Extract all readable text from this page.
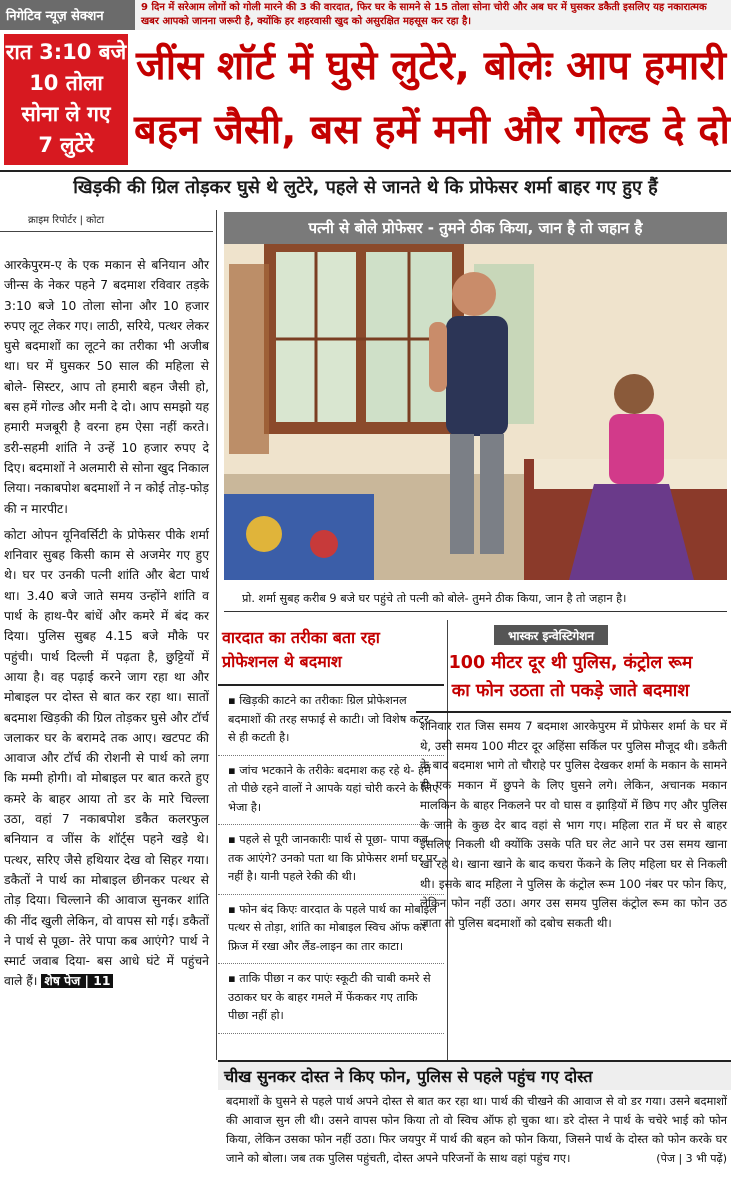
निगेटिव न्यूज़ सेक्शन
9 दिन में सरेआम लोगों को गोली मारने की 3 की वारदात, फिर घर के सामने से 15 तोला सोना चोरी और अब घर में घुसकर डकैती इसलिए यह नकारात्मक खबर आपको जानना जरूरी है, क्योंकि हर शहरवासी खुद को असुरक्षित महसूस कर रहा है।
रात 3:10 बजे
10 तोला
सोना ले गए
7 लुटेरे
जींस शॉर्ट में घुसे लुटेरे, बोलेः आप हमारी
बहन जैसी, बस हमें मनी और गोल्ड दे दो
खिड़की की ग्रिल तोड़कर घुसे थे लुटेरे, पहले से जानते थे कि प्रोफेसर शर्मा बाहर गए हुए हैं
क्राइम रिपोर्टर | कोटा

आरकेपुरम-ए के एक मकान से बनियान और जीन्स के नेकर पहने 7 बदमाश रविवार तड़के 3:10 बजे 10 तोला सोना और 10 हजार रुपए लूट लेकर गए। लाठी, सरिये, पत्थर लेकर घुसे बदमाशों का लूटने का तरीका भी अजीब था। घर में घुसकर 50 साल की महिला से बोले- सिस्टर, आप तो हमारी बहन जैसी हो, बस हमें गोल्ड और मनी दे दो। आप समझो यह हमारी मजबूरी है वरना हम ऐसा नहीं करते। डरी-सहमी शांति ने उन्हें 10 हजार रुपए दे दिए। बदमाशों ने अलमारी से सोना खुद निकाल लिया। नकाबपोश बदमाशों ने न कोई तोड़-फोड़ की न मारपीट।

कोटा ओपन यूनिवर्सिटी के प्रोफेसर पीके शर्मा शनिवार सुबह किसी काम से अजमेर गए हुए थे। घर पर उनकी पत्नी शांति और बेटा पार्थ था। 3.40 बजे जाते समय उन्होंने शांति व पार्थ के हाथ-पैर बांधें और कमरे में बंद कर दिया। पुलिस सुबह 4.15 बजे मौके पर पहुंची। पार्थ दिल्ली में पढ़ता है, छुट्टियों में आया है। वह पढ़ाई करने जाग रहा था और मोबाइल पर दोस्त से बात कर रहा था। सातों बदमाश खिड़की की ग्रिल तोड़कर घुसे और टॉर्च जलाकर घर के बरामदे तक आए। खटपट की आवाज और टॉर्च की रोशनी से पार्थ को लगा कि मम्मी होगी। वो मोबाइल पर बात करते हुए कमरे के बाहर आया तो डर के मारे चिल्ला उठा, वहां 7 नकाबपोश डकैत कलरफुल बनियान व जींस के शॉर्ट्स पहने खड़े थे। पत्थर, सरिए जैसे हथियार देख वो सिहर गया। डकैतों ने पार्थ का मोबाइल छीनकर पत्थर से तोड़ दिया। चिल्लाने की आवाज सुनकर शांति की नींद खुली लेकिन, वो वापस सो गई। डकैतों ने पार्थ से पूछा- तेरे पापा कब आएंगे? पार्थ ने स्मार्ट जवाब दिया- बस आधे घंटे में पहुंचने वाले हैं। शेष पेज | 11

पत्नी से बोले प्रोफेसर - तुमने ठीक किया, जान है तो जहान है
प्रो. शर्मा सुबह करीब 9 बजे घर पहुंचे तो पत्नी को बोले- तुमने ठीक किया, जान है तो जहान है।
वारदात का तरीका बता रहा
प्रोफेशनल थे बदमाश
▪ खिड़की काटने का तरीकाः ग्रिल प्रोफेशनल बदमाशों की तरह सफाई से काटी। जो विशेष कटर से ही कटती है।
▪ जांच भटकाने के तरीकेः बदमाश कह रहे थे- हमें तो पीछे रहने वालों ने आपके यहां चोरी करने के लिए भेजा है।
▪ पहले से पूरी जानकारीः पार्थ से पूछा- पापा कब तक आएंगे? उनको पता था कि प्रोफेसर शर्मा घर पर नहीं है। यानी पहले रेकी की थी।
▪ फोन बंद किएः वारदात के पहले पार्थ का मोबाइल पत्थर से तोड़ा, शांति का मोबाइल स्विच ऑफ कर फ्रिज में रखा और लैंड-लाइन का तार काटा।
▪ ताकि पीछा न कर पाएंः स्कूटी की चाबी कमरे से उठाकर घर के बाहर गमले में फेंककर गए ताकि पीछा नहीं हो।
भास्कर इन्वेस्टिगेशन
100 मीटर दूर थी पुलिस, कंट्रोल रूम
का फोन उठता तो पकड़े जाते बदमाश
शनिवार रात जिस समय 7 बदमाश आरकेपुरम में प्रोफेसर शर्मा के घर में थे, उसी समय 100 मीटर दूर अहिंसा सर्किल पर पुलिस मौजूद थी। डकैती के बाद बदमाश भागे तो चौराहे पर पुलिस देखकर शर्मा के मकान के सामने ही एक मकान में छुपने के लिए घुसने लगे। लेकिन, अचानक मकान मालकिन के बाहर निकलने पर वो घास व झाड़ियों में छिप गए और पुलिस के जाने के कुछ देर बाद वहां से भाग गए। महिला रात में घर से बाहर इसलिए निकली थी क्योंकि उसके पति घर लेट आने पर उस समय खाना खा रहे थे। खाना खाने के बाद कचरा फेंकने के लिए महिला घर से निकली थी। इसके बाद महिला ने पुलिस के कंट्रोल रूम 100 नंबर पर फोन किए, लेकिन फोन नहीं उठा। अगर उस समय पुलिस कंट्रोल रूम का फोन उठ जाता तो पुलिस बदमाशों को दबोच सकती थी।
चीख सुनकर दोस्त ने किए फोन, पुलिस से पहले पहुंच गए दोस्त

बदमाशों के घुसने से पहले पार्थ अपने दोस्त से बात कर रहा था। पार्थ की चीखने की आवाज से वो डर गया। उसने बदमाशों की आवाज सुन ली थी। उसने वापस फोन किया तो वो स्विच ऑफ हो चुका था। डरे दोस्त ने पार्थ के चचेरे भाई को फोन किया, लेकिन उसका फोन नहीं उठा। फिर जयपुर में पार्थ की बहन को फोन किया, जिसने पार्थ के दोस्त को फोन करके घर जाने को बोला। जब तक पुलिस पहुंचती, दोस्त अपने परिजनों के साथ वहां पहुंच गए।	(पेज | 3 भी पढ़ें)
